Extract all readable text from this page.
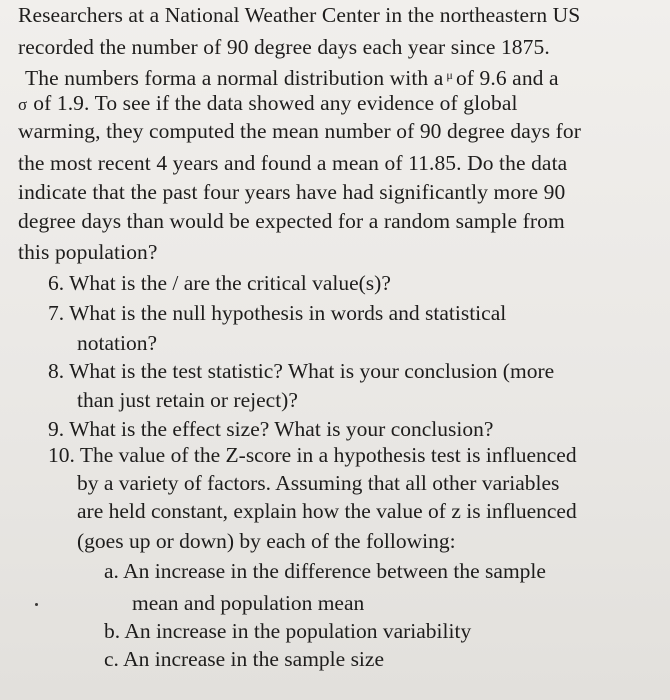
Researchers at a National Weather Center in the northeastern US
recorded the number of 90 degree days each year since 1875.
The numbers forma a normal distribution with a $^\mu$ of 9.6 and a
σ of 1.9. To see if the data showed any evidence of global
warming, they computed the mean number of 90 degree days for
the most recent 4 years and found a mean of 11.85. Do the data
indicate that the past four years have had significantly more 90
degree days than would be expected for a random sample from
this population?
6. What is the / are the critical value(s)?
7. What is the null hypothesis in words and statistical
notation?
8. What is the test statistic? What is your conclusion (more
than just retain or reject)?
9. What is the effect size? What is your conclusion?
10. The value of the Z-score in a hypothesis test is influenced
by a variety of factors. Assuming that all other variables
are held constant, explain how the value of z is influenced
(goes up or down) by each of the following:
a. An increase in the difference between the sample
mean and population mean
b. An increase in the population variability
c. An increase in the sample size
